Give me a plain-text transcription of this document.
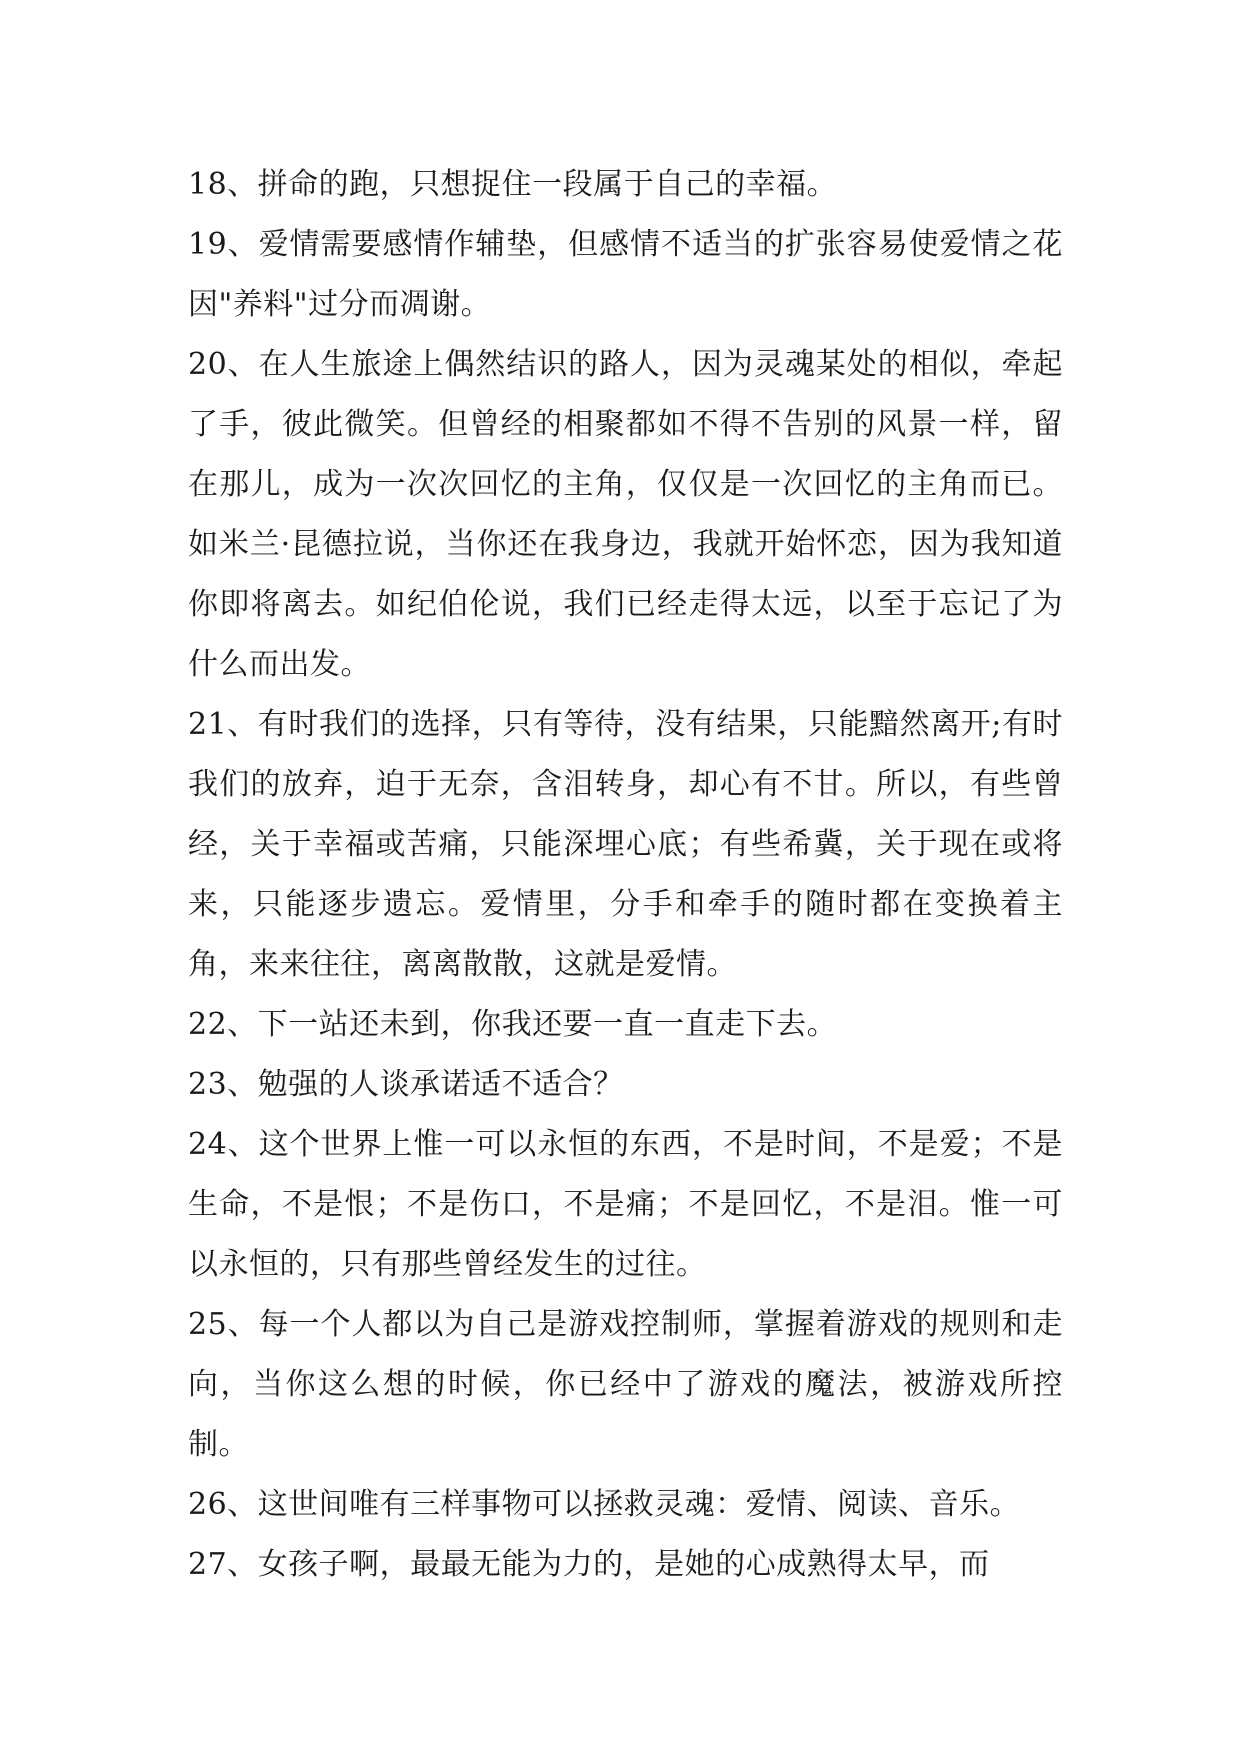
18、拼命的跑，只想捉住一段属于自己的幸福。

19、爱情需要感情作辅垫，但感情不适当的扩张容易使爱情之花因"养料"过分而凋谢。

20、在人生旅途上偶然结识的路人，因为灵魂某处的相似，牵起了手，彼此微笑。但曾经的相聚都如不得不告别的风景一样，留在那儿，成为一次次回忆的主角，仅仅是一次回忆的主角而已。如米兰·昆德拉说，当你还在我身边，我就开始怀恋，因为我知道你即将离去。如纪伯伦说，我们已经走得太远，以至于忘记了为什么而出发。

21、有时我们的选择，只有等待，没有结果，只能黯然离开;有时我们的放弃，迫于无奈，含泪转身，却心有不甘。所以，有些曾经，关于幸福或苦痛，只能深埋心底；有些希冀，关于现在或将来，只能逐步遗忘。爱情里，分手和牵手的随时都在变换着主角，来来往往，离离散散，这就是爱情。

22、下一站还未到，你我还要一直一直走下去。

23、勉强的人谈承诺适不适合？

24、这个世界上惟一可以永恒的东西，不是时间，不是爱；不是生命，不是恨；不是伤口，不是痛；不是回忆，不是泪。惟一可以永恒的，只有那些曾经发生的过往。

25、每一个人都以为自己是游戏控制师，掌握着游戏的规则和走向，当你这么想的时候，你已经中了游戏的魔法，被游戏所控制。

26、这世间唯有三样事物可以拯救灵魂：爱情、阅读、音乐。

27、女孩子啊，最最无能为力的，是她的心成熟得太早，而
